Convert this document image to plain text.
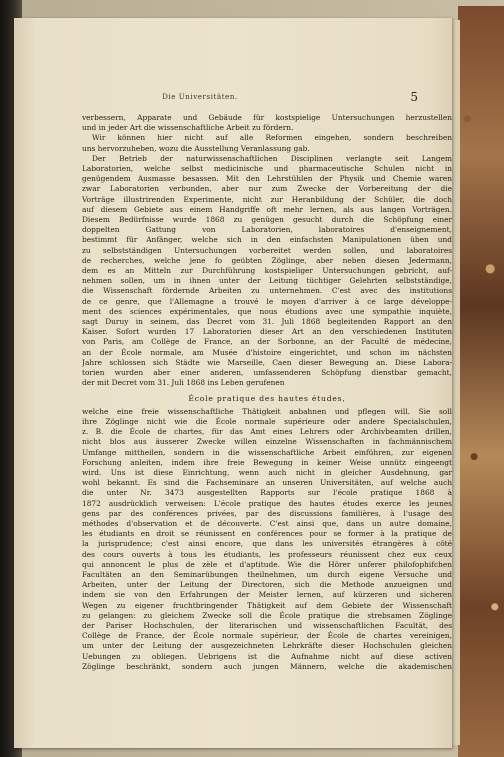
Die Universitäten.	5
verbessern, Apparate und Gebäude für kostspielige Untersuchungen herzustellen
und in jeder Art die wissenschaftliche Arbeit zu fördern.
Wir können hier nicht auf alle Reformen eingehen, sondern beschreiben
uns hervorzuheben, wozu die Ausstellung Veranlassung gab.
Der Betrieb der naturwissenschaftlichen Disciplinen verlangte seit Langem
Laboratorien, welche selbst medicinische und pharmaceutische Schulen nicht in
genügendem Ausmasse besassen. Mit den Lehrstühlen der Physik und Chemie waren
zwar Laboratorien verbunden, aber nur zum Zwecke der Vorbereitung der die
Vorträge illustrirenden Experimente, nicht zur Heranbildung der Schüler, die doch
auf diesem Gebiete aus einem Handgriffe oft mehr lernen, als aus langen Vorträgen.
Diesem Bedürfnisse wurde 1868 zu genügen gesucht durch die Schöpfung einer
doppelten Gattung von Laboratorien, laboratoires d'enseignement,
bestimmt für Anfänger, welche sich in den einfachsten Manipulationen üben und
zu selbstständigen Untersuchungen vorbereitet werden sollen, und laboratoires
de recherches, welche jene fo geübten Zöglinge, aber neben diesen Jedermann,
dem es an Mitteln zur Durchführung kostspieliger Untersuchungen gebricht, auf-
nehmen sollen, um in ihnen unter der Leitung tüchtiger Gelehrten selbstständige,
die Wissenschaft fördernde Arbeiten zu unternehmen. C'est avec des institutions
de ce genre, que l'Allemagne a trouvé le moyen d'arriver à ce large développe-
ment des sciences expérimentales, que nous étudions avec une sympathie inquiète,
sagt Duruy in seinem, das Decret vom 31. Juli 1868 begleitenden Rapport an den
Kaiser. Sofort wurden 17 Laboratorien dieser Art an den verschiedenen Instituten
von Paris, am Collège de France, an der Sorbonne, an der Faculté de médecine,
an der École normale, am Musée d'histoire eingerichtet, und schon im nächsten
Jahre schlossen sich Städte wie Marseille, Caen dieser Bewegung an. Diese Labora-
torien wurden aber einer anderen, umfassenderen Schöpfung dienstbar gemacht,
der mit Decret vom 31. Juli 1868 ins Leben gerufenen
École pratique des hautes études,
welche eine freie wissenschaftliche Thätigkeit anbahnen und pflegen will. Sie soll
ihre Zöglinge nicht wie die École normale supérieure oder andere Specialschulen,
z. B. die École de chartes, für das Amt eines Lehrers oder Archivbeamten drillen,
nicht blos aus äusserer Zwecke willen einzelne Wissenschaften in fachmännischem
Umfange mittheilen, sondern in die wissenschaftliche Arbeit einführen, zur eigenen
Forschung anleiten, indem ihre freie Bewegung in keiner Weise unnütz eingeengt
wird. Uns ist diese Einrichtung, wenn auch nicht in gleicher Ausdehnung, gar
wohl bekannt. Es sind die Fachseminare an unseren Universitäten, auf welche auch
die unter Nr. 3473 ausgestellten Rapports sur l'école pratique 1868 à
1872 ausdrücklich verweisen: L'école pratique des hautes études exerce les jeunes
gens par des conférences privées, par des discussions familières, à l'usage des
méthodes d'observation et de découverte. C'est ainsi que, dans un autre domaine,
les étudiants en droit se réunissent en conférences pour se former à la pratique de
la jurisprudence; c'est ainsi encore, que dans les universités étrangères à côté
des cours ouverts à tous les étudiants, les professeurs réunissent chez eux ceux
qui annoncent le plus de zèle et d'aptitude. Wie die Hörer unferer philofophifchen
Facultäten an den Seminarübungen theilnehmen, um durch eigene Versuche und
Arbeiten, unter der Leitung der Directoren, sich die Methode anzueignen und
indem sie von den Erfahrungen der Meister lernen, auf kürzeren und sicheren
Wegen zu eigener fruchtbringender Thätigkeit auf dem Gebiete der Wissenschaft
zu gelangen: zu gleichem Zwecke soll die École pratique die strebsamen Zöglinge
der Pariser Hochschulen, der literarischen und wissenschaftlichen Facultät, des
Collège de France, der École normale supérieur, der École de chartes vereinigen,
um unter der Leitung der ausgezeichneten Lehrkräfte dieser Hochschulen gleichen
Uebungen zu obliegen. Uebrigens ist die Aufnahme nicht auf diese activen
Zöglinge beschränkt, sondern auch jungen Männern, welche die akademischen
